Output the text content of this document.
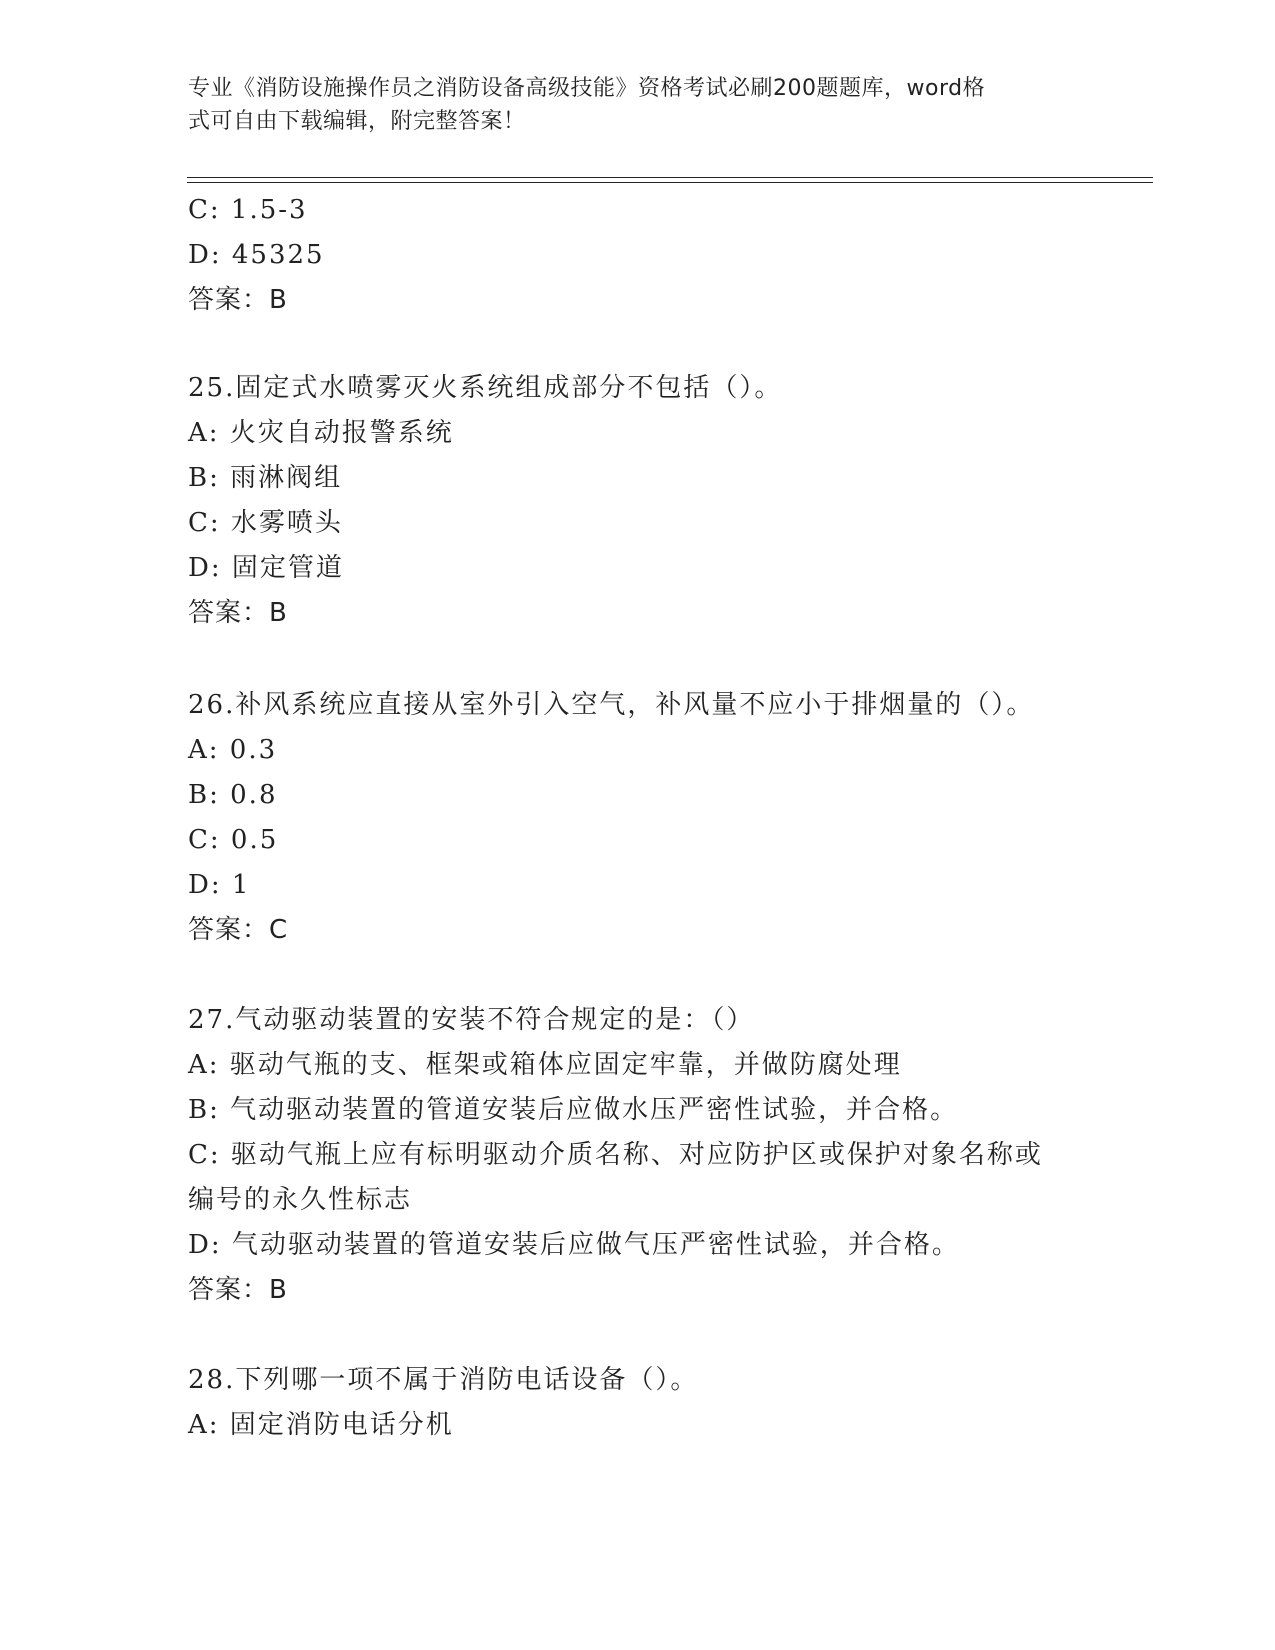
专业《消防设施操作员之消防设备高级技能》资格考试必刷200题题库，word格
式可自由下载编辑，附完整答案！
C: 1.5-3
D: 45325
答案：B
25.固定式水喷雾灭火系统组成部分不包括（）。
A: 火灾自动报警系统
B: 雨淋阀组
C: 水雾喷头
D: 固定管道
答案：B
26.补风系统应直接从室外引入空气，补风量不应小于排烟量的（）。
A: 0.3
B: 0.8
C: 0.5
D: 1
答案：C
27.气动驱动装置的安装不符合规定的是：（）
A: 驱动气瓶的支、框架或箱体应固定牢靠，并做防腐处理
B: 气动驱动装置的管道安装后应做水压严密性试验，并合格。
C: 驱动气瓶上应有标明驱动介质名称、对应防护区或保护对象名称或
编号的永久性标志
D: 气动驱动装置的管道安装后应做气压严密性试验，并合格。
答案：B
28.下列哪一项不属于消防电话设备（）。
A: 固定消防电话分机
